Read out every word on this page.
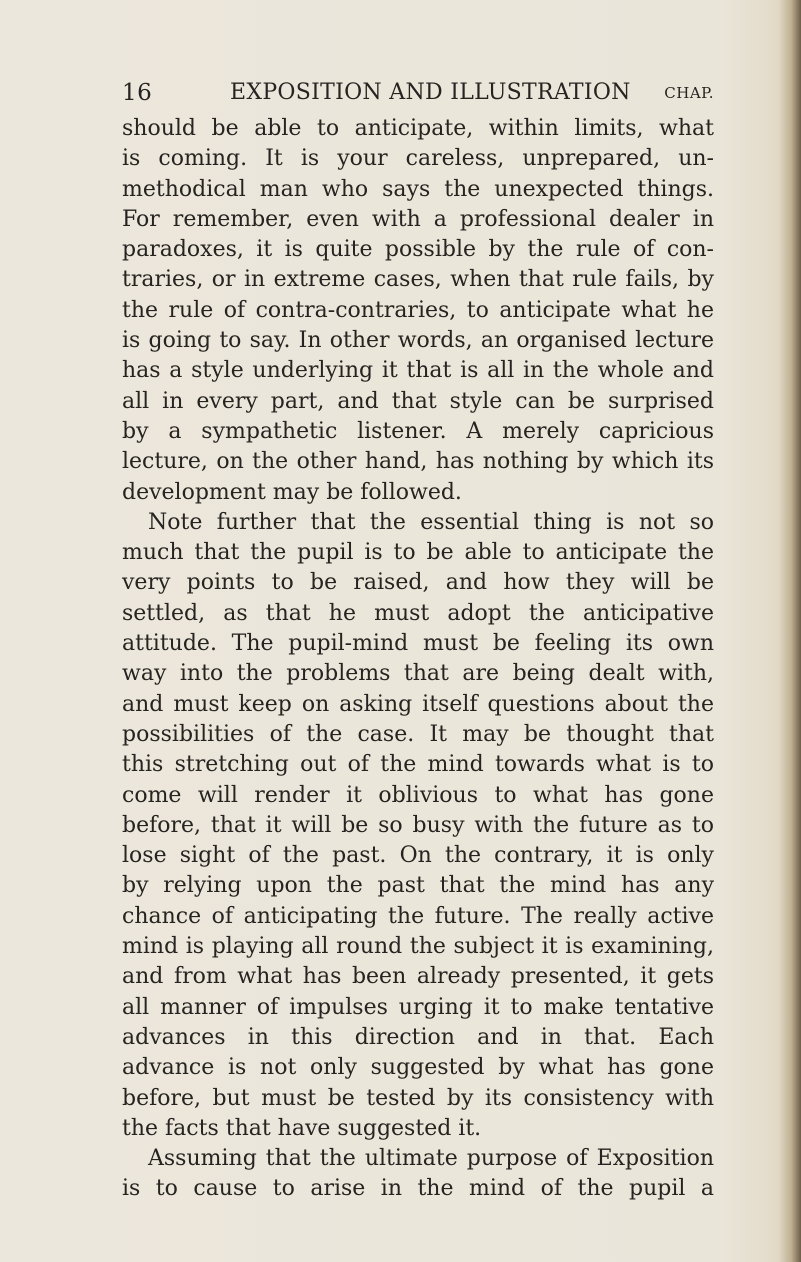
16	EXPOSITION AND ILLUSTRATION CHAP.
should be able to anticipate, within limits, what
is coming. It is your careless, unprepared, un-
methodical man who says the unexpected things.
For remember, even with a professional dealer in
paradoxes, it is quite possible by the rule of con-
traries, or in extreme cases, when that rule fails, by
the rule of contra-contraries, to anticipate what he
is going to say. In other words, an organised lecture
has a style underlying it that is all in the whole and
all in every part, and that style can be surprised
by a sympathetic listener. A merely capricious
lecture, on the other hand, has nothing by which its
development may be followed.
Note further that the essential thing is not so
much that the pupil is to be able to anticipate the
very points to be raised, and how they will be
settled, as that he must adopt the anticipative
attitude. The pupil-mind must be feeling its own
way into the problems that are being dealt with,
and must keep on asking itself questions about the
possibilities of the case. It may be thought that
this stretching out of the mind towards what is to
come will render it oblivious to what has gone
before, that it will be so busy with the future as to
lose sight of the past. On the contrary, it is only
by relying upon the past that the mind has any
chance of anticipating the future. The really active
mind is playing all round the subject it is examining,
and from what has been already presented, it gets
all manner of impulses urging it to make tentative
advances in this direction and in that. Each
advance is not only suggested by what has gone
before, but must be tested by its consistency with
the facts that have suggested it.
Assuming that the ultimate purpose of Exposition
is to cause to arise in the mind of the pupil a
